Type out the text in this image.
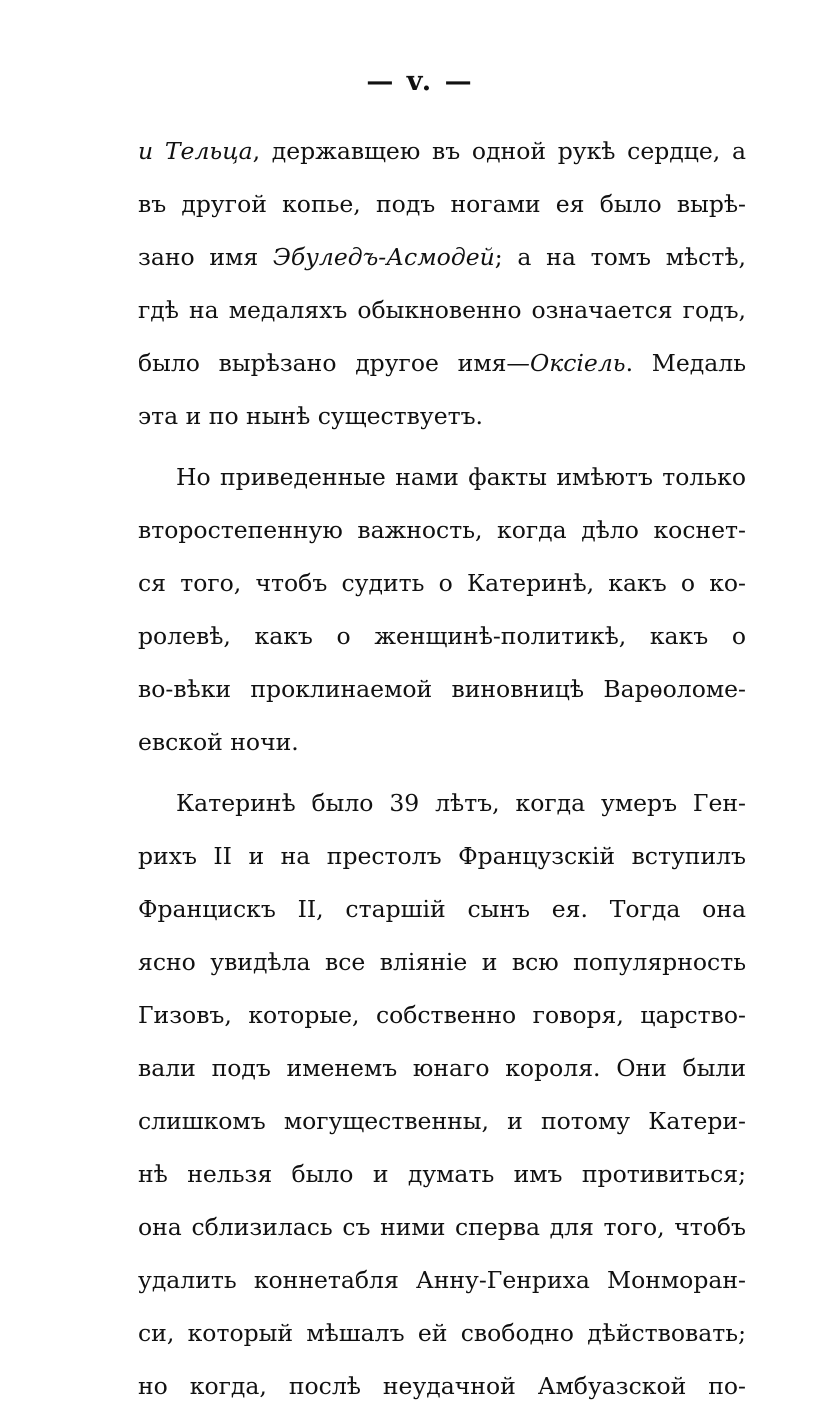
— v. —
и Тельца, державщею въ одной рукѣ сердце, а
въ другой копье, подъ ногами ея было вырѣ-
зано имя Эбуледъ-Асмодей; а на томъ мѣстѣ,
гдѣ на медаляхъ обыкновенно означается годъ,
было вырѣзано другое имя—Оксіель. Медаль
эта и по нынѣ существуетъ.
Но приведенные нами факты имѣютъ только
второстепенную важность, когда дѣло коснет-
ся того, чтобъ судить о Катеринѣ, какъ о ко-
ролевѣ, какъ о женщинѣ-политикѣ, какъ о
во-вѣки проклинаемой виновницѣ Варѳоломе-
евской ночи.
Катеринѣ было 39 лѣтъ, когда умеръ Ген-
рихъ II и на престолъ Французскій вступилъ
Францискъ II, старшій сынъ ея. Тогда она
ясно увидѣла все вліяніе и всю популярность
Гизовъ, которые, собственно говоря, царство-
вали подъ именемъ юнаго короля. Они были
слишкомъ могущественны, и потому Катери-
нѣ нельзя было и думать имъ противиться;
она сблизилась съ ними сперва для того, чтобъ
удалить коннетабля Анну-Генриха Монморан-
си, который мѣшалъ ей свободно дѣйствовать;
но когда, послѣ неудачной Амбуазской по-
